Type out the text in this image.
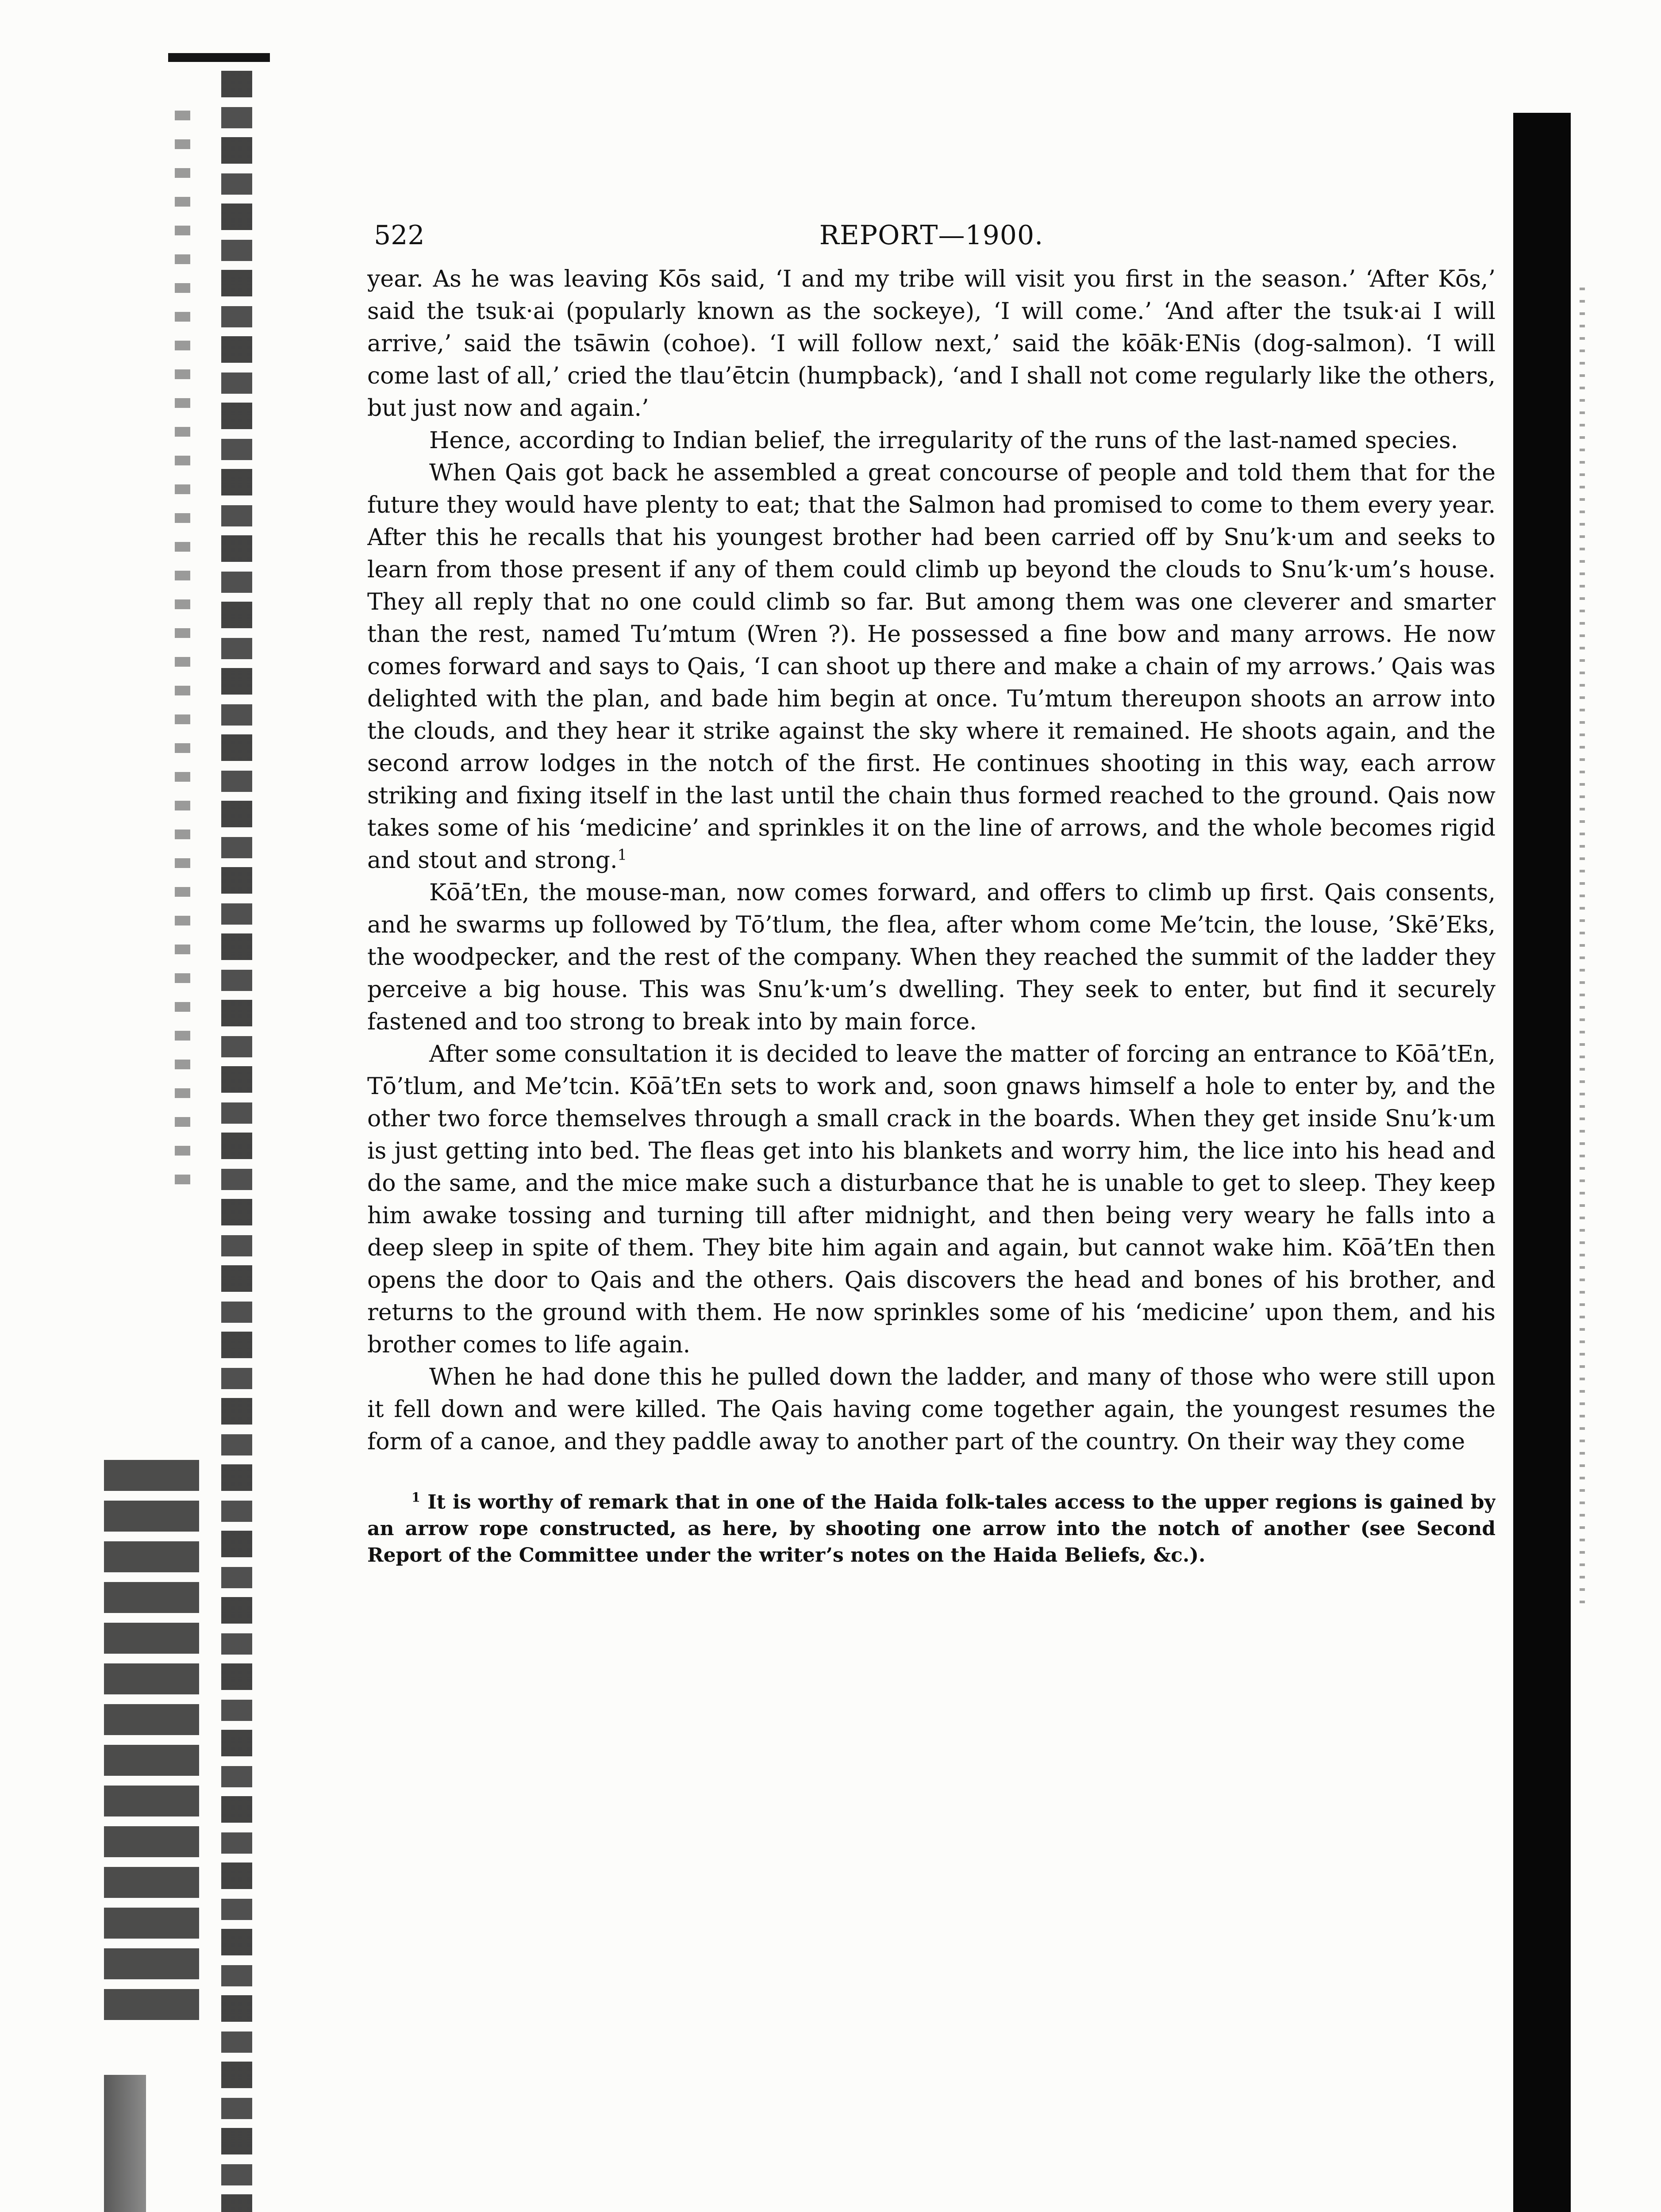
522	REPORT—1900.

year. As he was leaving Kōs said, ‘I and my tribe will visit you first in the season.’ ‘After Kōs,’ said the tsuk·ai (popularly known as the sockeye), ‘I will come.’ ‘And after the tsuk·ai I will arrive,’ said the tsāwin (cohoe). ‘I will follow next,’ said the kōāk·ENis (dog-salmon). ‘I will come last of all,’ cried the tlau’ētcin (humpback), ‘and I shall not come regularly like the others, but just now and again.’

Hence, according to Indian belief, the irregularity of the runs of the last-named species.

When Qais got back he assembled a great concourse of people and told them that for the future they would have plenty to eat; that the Salmon had promised to come to them every year. After this he recalls that his youngest brother had been carried off by Snu’k·um and seeks to learn from those present if any of them could climb up beyond the clouds to Snu’k·um’s house. They all reply that no one could climb so far. But among them was one cleverer and smarter than the rest, named Tu’mtum (Wren ?). He possessed a fine bow and many arrows. He now comes forward and says to Qais, ‘I can shoot up there and make a chain of my arrows.’ Qais was delighted with the plan, and bade him begin at once. Tu’mtum thereupon shoots an arrow into the clouds, and they hear it strike against the sky where it remained. He shoots again, and the second arrow lodges in the notch of the first. He continues shooting in this way, each arrow striking and fixing itself in the last until the chain thus formed reached to the ground. Qais now takes some of his ‘medicine’ and sprinkles it on the line of arrows, and the whole becomes rigid and stout and strong.$^1$

Kōā’tEn, the mouse-man, now comes forward, and offers to climb up first. Qais consents, and he swarms up followed by Tō’tlum, the flea, after whom come Me’tcin, the louse, ’Skē’Eks, the woodpecker, and the rest of the company. When they reached the summit of the ladder they perceive a big house. This was Snu’k·um’s dwelling. They seek to enter, but find it securely fastened and too strong to break into by main force.

After some consultation it is decided to leave the matter of forcing an entrance to Kōā’tEn, Tō’tlum, and Me’tcin. Kōā’tEn sets to work and, soon gnaws himself a hole to enter by, and the other two force themselves through a small crack in the boards. When they get inside Snu’k·um is just getting into bed. The fleas get into his blankets and worry him, the lice into his head and do the same, and the mice make such a disturbance that he is unable to get to sleep. They keep him awake tossing and turning till after midnight, and then being very weary he falls into a deep sleep in spite of them. They bite him again and again, but cannot wake him. Kōā’tEn then opens the door to Qais and the others. Qais discovers the head and bones of his brother, and returns to the ground with them. He now sprinkles some of his ‘medicine’ upon them, and his brother comes to life again.

When he had done this he pulled down the ladder, and many of those who were still upon it fell down and were killed. The Qais having come together again, the youngest resumes the form of a canoe, and they paddle away to another part of the country. On their way they come

$^1$ It is worthy of remark that in one of the Haida folk-tales access to the upper regions is gained by an arrow rope constructed, as here, by shooting one arrow into the notch of another (see Second Report of the Committee under the writer’s notes on the Haida Beliefs, &c.).
